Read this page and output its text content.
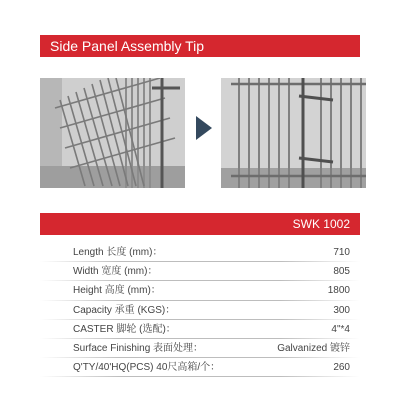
Side Panel Assembly Tip
SWK 1002
Length 长度 (mm)：	710
Width 宽度 (mm)：	805
Height 高度 (mm)：	1800
Capacity 承重 (KGS)：	300
CASTER 脚轮 (选配)：	4"*4
Surface Finishing 表面处理：	Galvanized 镀锌
Q'TY/40'HQ(PCS) 40尺高箱/个：	260
